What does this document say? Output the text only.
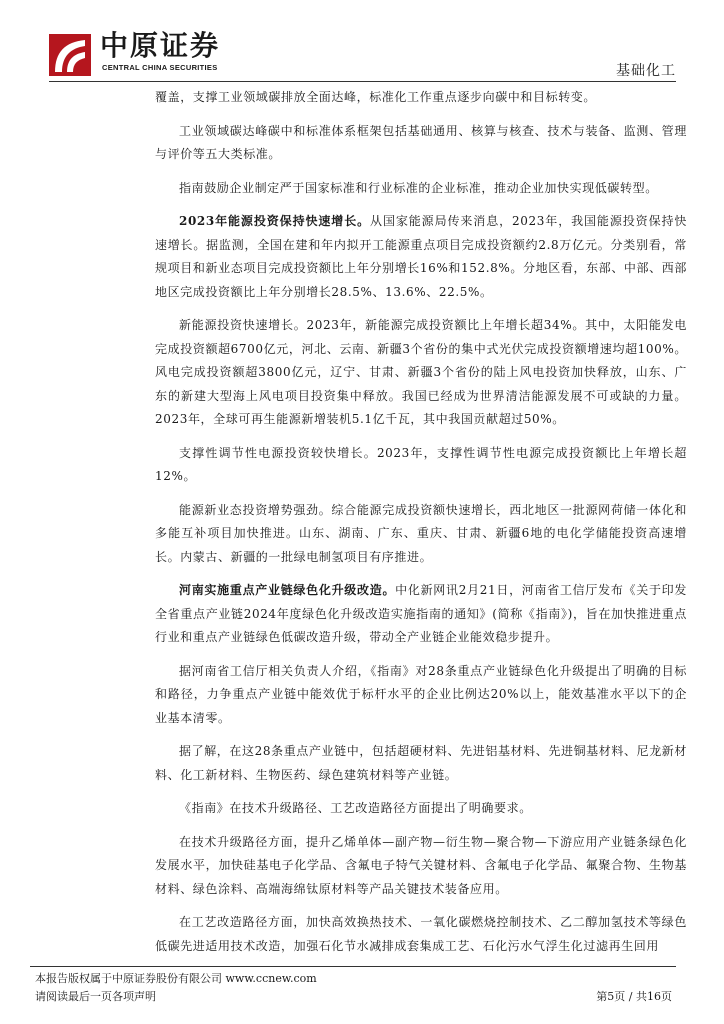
中原证券
CENTRAL CHINA SECURITIES	基础化工

覆盖，支撑工业领域碳排放全面达峰，标准化工作重点逐步向碳中和目标转变。

工业领域碳达峰碳中和标准体系框架包括基础通用、核算与核查、技术与装备、监测、管理与评价等五大类标准。

指南鼓励企业制定严于国家标准和行业标准的企业标准，推动企业加快实现低碳转型。

2023年能源投资保持快速增长。从国家能源局传来消息，2023年，我国能源投资保持快速增长。据监测，全国在建和年内拟开工能源重点项目完成投资额约2.8万亿元。分类别看，常规项目和新业态项目完成投资额比上年分别增长16%和152.8%。分地区看，东部、中部、西部地区完成投资额比上年分别增长28.5%、13.6%、22.5%。

新能源投资快速增长。2023年，新能源完成投资额比上年增长超34%。其中，太阳能发电完成投资额超6700亿元，河北、云南、新疆3个省份的集中式光伏完成投资额增速均超100%。风电完成投资额超3800亿元，辽宁、甘肃、新疆3个省份的陆上风电投资加快释放，山东、广东的新建大型海上风电项目投资集中释放。我国已经成为世界清洁能源发展不可或缺的力量。2023年，全球可再生能源新增装机5.1亿千瓦，其中我国贡献超过50%。

支撑性调节性电源投资较快增长。2023年，支撑性调节性电源完成投资额比上年增长超12%。

能源新业态投资增势强劲。综合能源完成投资额快速增长，西北地区一批源网荷储一体化和多能互补项目加快推进。山东、湖南、广东、重庆、甘肃、新疆6地的电化学储能投资高速增长。内蒙古、新疆的一批绿电制氢项目有序推进。

河南实施重点产业链绿色化升级改造。中化新网讯2月21日，河南省工信厅发布《关于印发全省重点产业链2024年度绿色化升级改造实施指南的通知》(简称《指南》)，旨在加快推进重点行业和重点产业链绿色低碳改造升级，带动全产业链企业能效稳步提升。

据河南省工信厅相关负责人介绍，《指南》对28条重点产业链绿色化升级提出了明确的目标和路径，力争重点产业链中能效优于标杆水平的企业比例达20%以上，能效基准水平以下的企业基本清零。

据了解，在这28条重点产业链中，包括超硬材料、先进铝基材料、先进铜基材料、尼龙新材料、化工新材料、生物医药、绿色建筑材料等产业链。

《指南》在技术升级路径、工艺改造路径方面提出了明确要求。

在技术升级路径方面，提升乙烯单体—副产物—衍生物—聚合物—下游应用产业链条绿色化发展水平，加快硅基电子化学品、含氟电子特气关键材料、含氟电子化学品、氟聚合物、生物基材料、绿色涂料、高端海绵钛原材料等产品关键技术装备应用。

在工艺改造路径方面，加快高效换热技术、一氧化碳燃烧控制技术、乙二醇加氢技术等绿色低碳先进适用技术改造，加强石化节水减排成套集成工艺、石化污水气浮生化过滤再生回用

本报告版权属于中原证券股份有限公司 www.ccnew.com
请阅读最后一页各项声明	第5页 / 共16页
